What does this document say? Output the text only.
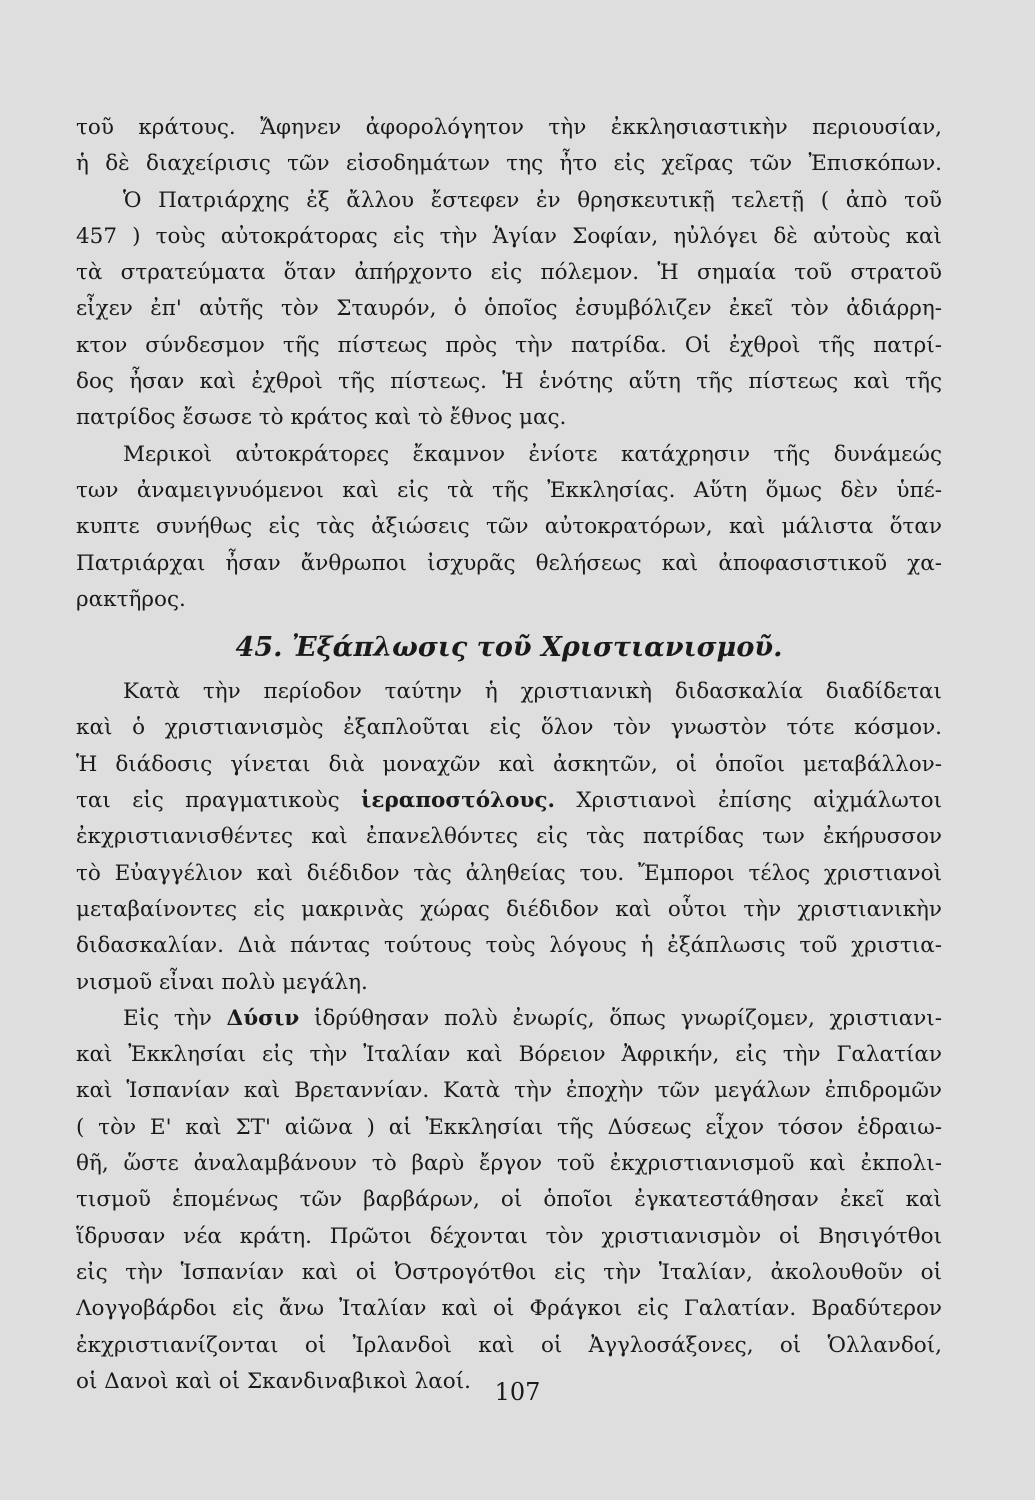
τοῦ κράτους. Ἄφηνεν ἀφορολόγητον τὴν ἐκκλησιαστικὴν περιουσίαν,
ἡ δὲ διαχείρισις τῶν εἰσοδημάτων της ἦτο εἰς χεῖρας τῶν Ἐπισκόπων.
Ὁ Πατριάρχης ἐξ ἄλλου ἔστεφεν ἐν θρησκευτικῇ τελετῇ ( ἀπὸ τοῦ
457 ) τοὺς αὐτοκράτορας εἰς τὴν Ἁγίαν Σοφίαν, ηὐλόγει δὲ αὐτοὺς καὶ
τὰ στρατεύματα ὅταν ἀπήρχοντο εἰς πόλεμον. Ἡ σημαία τοῦ στρατοῦ
εἶχεν ἐπ' αὐτῆς τὸν Σταυρόν, ὁ ὁποῖος ἐσυμβόλιζεν ἐκεῖ τὸν ἀδιάρρη-
κτον σύνδεσμον τῆς πίστεως πρὸς τὴν πατρίδα. Οἱ ἐχθροὶ τῆς πατρί-
δος ἦσαν καὶ ἐχθροὶ τῆς πίστεως. Ἡ ἑνότης αὕτη τῆς πίστεως καὶ τῆς
πατρίδος ἔσωσε τὸ κράτος καὶ τὸ ἔθνος μας.
Μερικοὶ αὐτοκράτορες ἔκαμνον ἐνίοτε κατάχρησιν τῆς δυνάμεώς
των ἀναμειγνυόμενοι καὶ εἰς τὰ τῆς Ἐκκλησίας. Αὕτη ὅμως δὲν ὑπέ-
κυπτε συνήθως εἰς τὰς ἀξιώσεις τῶν αὐτοκρατόρων, καὶ μάλιστα ὅταν
Πατριάρχαι ἦσαν ἄνθρωποι ἰσχυρᾶς θελήσεως καὶ ἀποφασιστικοῦ χα-
ρακτῆρος.
45. Ἐξάπλωσις τοῦ Χριστιανισμοῦ.
Κατὰ τὴν περίοδον ταύτην ἡ χριστιανικὴ διδασκαλία διαδίδεται
καὶ ὁ χριστιανισμὸς ἐξαπλοῦται εἰς ὅλον τὸν γνωστὸν τότε κόσμον.
Ἡ διάδοσις γίνεται διὰ μοναχῶν καὶ ἀσκητῶν, οἱ ὁποῖοι μεταβάλλον-
ται εἰς πραγματικοὺς ἱεραποστόλους. Χριστιανοὶ ἐπίσης αἰχμάλωτοι
ἐκχριστιανισθέντες καὶ ἐπανελθόντες εἰς τὰς πατρίδας των ἐκήρυσσον
τὸ Εὐαγγέλιον καὶ διέδιδον τὰς ἀληθείας του. Ἔμποροι τέλος χριστιανοὶ
μεταβαίνοντες εἰς μακρινὰς χώρας διέδιδον καὶ οὗτοι τὴν χριστιανικὴν
διδασκαλίαν. Διὰ πάντας τούτους τοὺς λόγους ἡ ἐξάπλωσις τοῦ χριστια-
νισμοῦ εἶναι πολὺ μεγάλη.
Εἰς τὴν Δύσιν ἱδρύθησαν πολὺ ἐνωρίς, ὅπως γνωρίζομεν, χριστιανι-
καὶ Ἐκκλησίαι εἰς τὴν Ἰταλίαν καὶ Βόρειον Ἀφρικήν, εἰς τὴν Γαλατίαν
καὶ Ἱσπανίαν καὶ Βρεταννίαν. Κατὰ τὴν ἐποχὴν τῶν μεγάλων ἐπιδρομῶν
( τὸν Ε' καὶ ΣΤ' αἰῶνα ) αἱ Ἐκκλησίαι τῆς Δύσεως εἶχον τόσον ἑδραιω-
θῆ, ὥστε ἀναλαμβάνουν τὸ βαρὺ ἔργον τοῦ ἐκχριστιανισμοῦ καὶ ἐκπολι-
τισμοῦ ἑπομένως τῶν βαρβάρων, οἱ ὁποῖοι ἐγκατεστάθησαν ἐκεῖ καὶ
ἵδρυσαν νέα κράτη. Πρῶτοι δέχονται τὸν χριστιανισμὸν οἱ Βησιγότθοι
εἰς τὴν Ἱσπανίαν καὶ οἱ Ὀστρογότθοι εἰς τὴν Ἰταλίαν, ἀκολουθοῦν οἱ
Λογγοβάρδοι εἰς ἄνω Ἰταλίαν καὶ οἱ Φράγκοι εἰς Γαλατίαν. Βραδύτερον
ἐκχριστιανίζονται οἱ Ἰρλανδοὶ καὶ οἱ Ἀγγλοσάξονες, οἱ Ὁλλανδοί,
οἱ Δανοὶ καὶ οἱ Σκανδιναβικοὶ λαοί. 107
